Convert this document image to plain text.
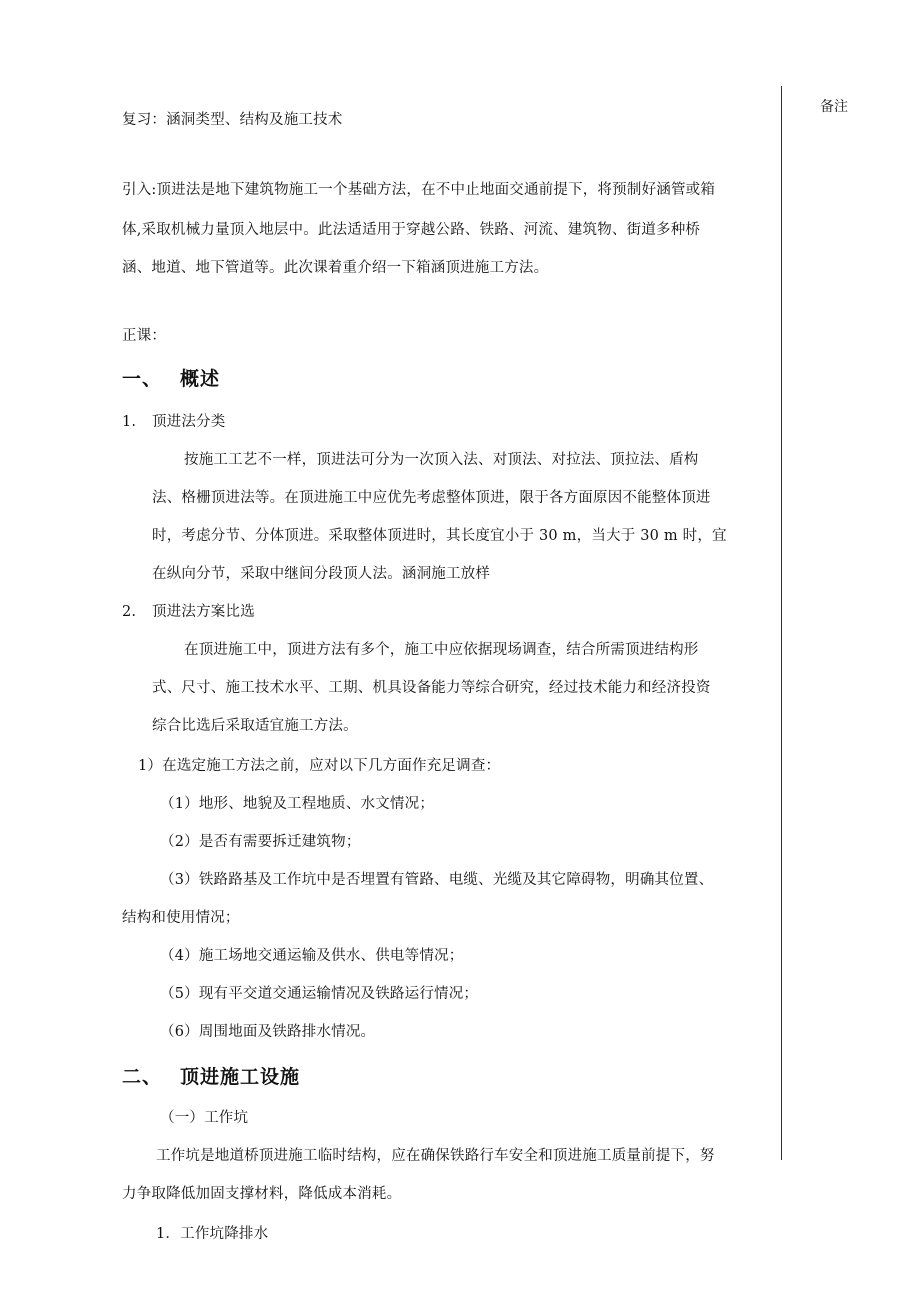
备注
复习：涵洞类型、结构及施工技术
引入:顶进法是地下建筑物施工一个基础方法，在不中止地面交通前提下，将预制好涵管或箱
体,采取机械力量顶入地层中。此法适适用于穿越公路、铁路、河流、建筑物、街道多种桥
涵、地道、地下管道等。此次课着重介绍一下箱涵顶进施工方法。
正课：
一、 概述
1. 顶进法分类
按施工工艺不一样，顶进法可分为一次顶入法、对顶法、对拉法、顶拉法、盾构
法、格栅顶进法等。在顶进施工中应优先考虑整体顶进，限于各方面原因不能整体顶进
时，考虑分节、分体顶进。采取整体顶进时，其长度宜小于 30 m，当大于 30 m 时，宜
在纵向分节，采取中继间分段顶人法。涵洞施工放样
2. 顶进法方案比选
在顶进施工中，顶进方法有多个，施工中应依据现场调查，结合所需顶进结构形
式、尺寸、施工技术水平、工期、机具设备能力等综合研究，经过技术能力和经济投资
综合比选后采取适宜施工方法。
1）在选定施工方法之前，应对以下几方面作充足调查：
（1）地形、地貌及工程地质、水文情况；
（2）是否有需要拆迁建筑物；
（3）铁路路基及工作坑中是否埋置有管路、电缆、光缆及其它障碍物，明确其位置、
结构和使用情况；
（4）施工场地交通运输及供水、供电等情况；
（5）现有平交道交通运输情况及铁路运行情况；
（6）周围地面及铁路排水情况。
二、 顶进施工设施
（一）工作坑
工作坑是地道桥顶进施工临时结构，应在确保铁路行车安全和顶进施工质量前提下，努
力争取降低加固支撑材料，降低成本消耗。
1．工作坑降排水
